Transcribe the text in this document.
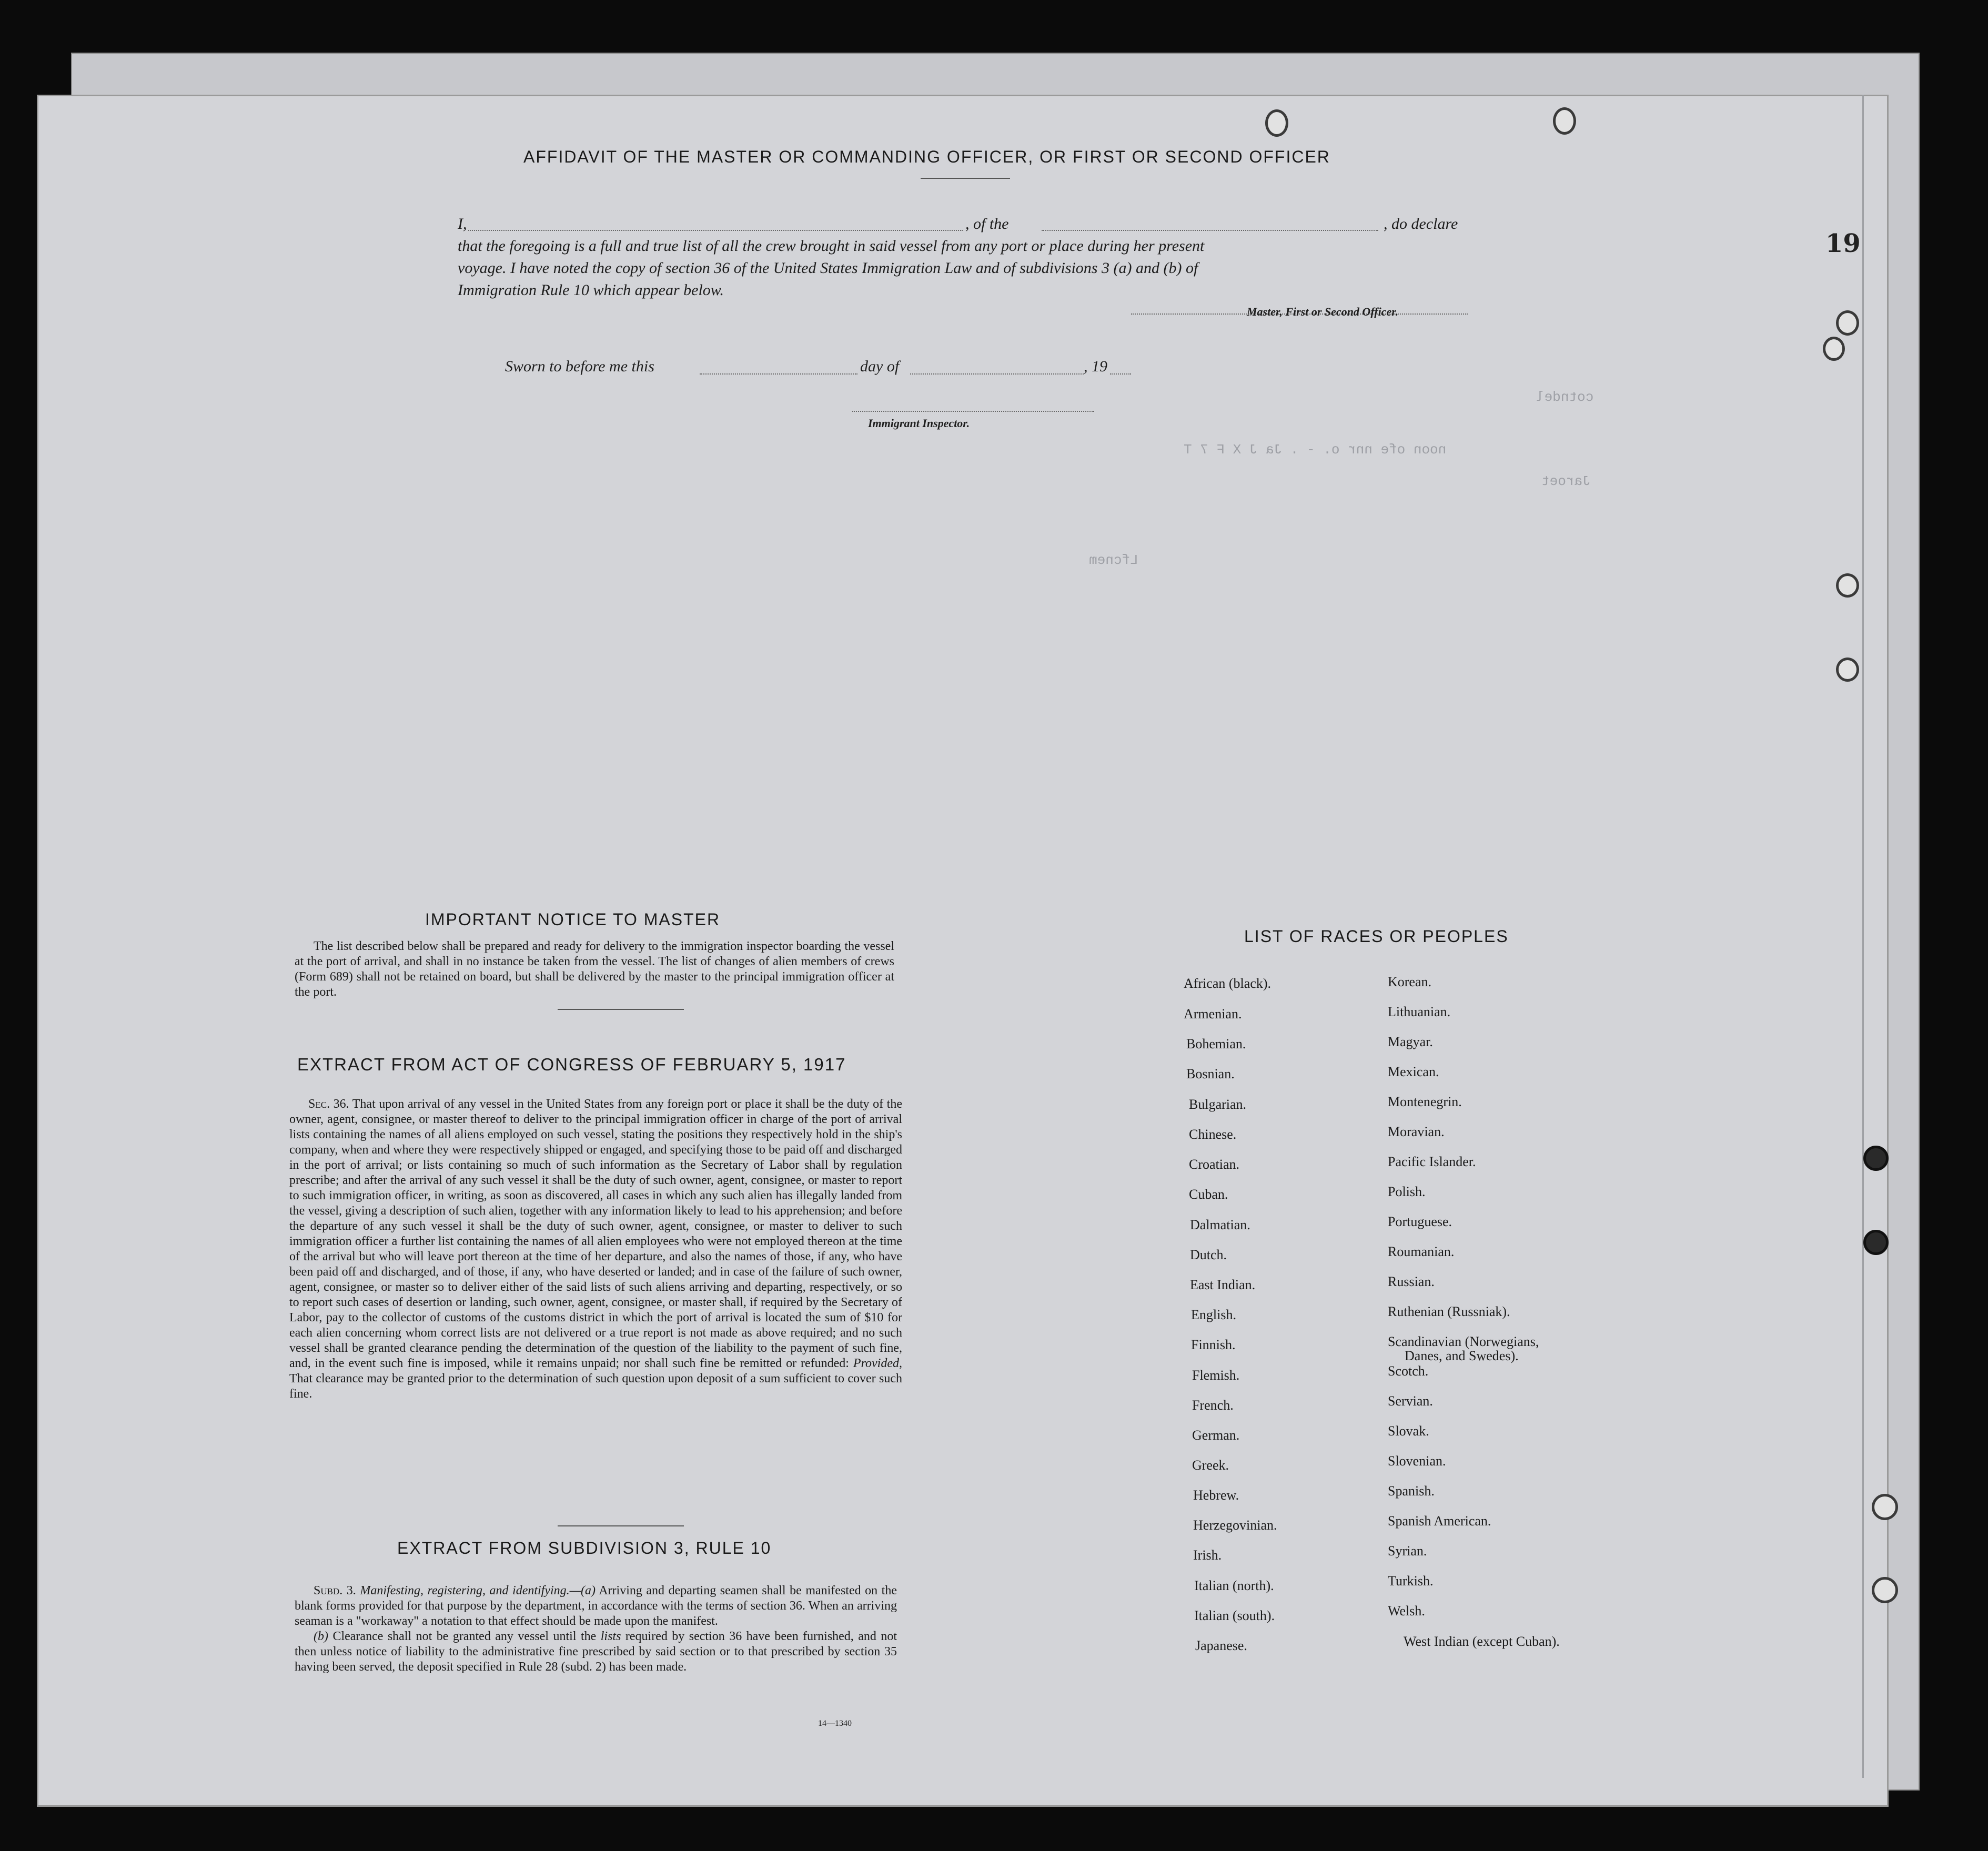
19
noon ofe nnr o. - . Ja J X F 7 T
Lfcnem
cotndel
Jaroet
AFFIDAVIT OF THE MASTER OR COMMANDING OFFICER, OR FIRST OR SECOND OFFICER
I,	, of the	, do declare
that the foregoing is a full and true list of all the crew brought in said vessel from any port or place during her present
voyage. I have noted the copy of section 36 of the United States Immigration Law and of subdivisions 3 (a) and (b) of
Immigration Rule 10 which appear below.
Master, First or Second Officer.
Sworn to before me this	day of	, 19
Immigrant Inspector.
IMPORTANT NOTICE TO MASTER
The list described below shall be prepared and ready for delivery to the immigration inspector boarding the vessel at the port of arrival, and shall in no instance be taken from the vessel. The list of changes of alien members of crews (Form 689) shall not be retained on board, but shall be delivered by the master to the principal immigration officer at the port.
EXTRACT FROM ACT OF CONGRESS OF FEBRUARY 5, 1917
Sec. 36. That upon arrival of any vessel in the United States from any foreign port or place it shall be the duty of the owner, agent, consignee, or master thereof to deliver to the principal immigration officer in charge of the port of arrival lists containing the names of all aliens employed on such vessel, stating the positions they respectively hold in the ship's company, when and where they were respectively shipped or engaged, and specifying those to be paid off and discharged in the port of arrival; or lists containing so much of such information as the Secretary of Labor shall by regulation prescribe; and after the arrival of any such vessel it shall be the duty of such owner, agent, consignee, or master to report to such immigration officer, in writing, as soon as discovered, all cases in which any such alien has illegally landed from the vessel, giving a description of such alien, together with any information likely to lead to his apprehension; and before the departure of any such vessel it shall be the duty of such owner, agent, consignee, or master to deliver to such immigration officer a further list containing the names of all alien employees who were not employed thereon at the time of the arrival but who will leave port thereon at the time of her departure, and also the names of those, if any, who have been paid off and discharged, and of those, if any, who have deserted or landed; and in case of the failure of such owner, agent, consignee, or master so to deliver either of the said lists of such aliens arriving and departing, respectively, or so to report such cases of desertion or landing, such owner, agent, consignee, or master shall, if required by the Secretary of Labor, pay to the collector of customs of the customs district in which the port of arrival is located the sum of $10 for each alien concerning whom correct lists are not delivered or a true report is not made as above required; and no such vessel shall be granted clearance pending the determination of the question of the liability to the payment of such fine, and, in the event such fine is imposed, while it remains unpaid; nor shall such fine be remitted or refunded: Provided, That clearance may be granted prior to the determination of such question upon deposit of a sum sufficient to cover such fine.
EXTRACT FROM SUBDIVISION 3, RULE 10
Subd. 3. Manifesting, registering, and identifying.—(a) Arriving and departing seamen shall be manifested on the blank forms provided for that purpose by the department, in accordance with the terms of section 36. When an arriving seaman is a "workaway" a notation to that effect should be made upon the manifest.
(b) Clearance shall not be granted any vessel until the lists required by section 36 have been furnished, and not then unless notice of liability to the administrative fine prescribed by said section or to that prescribed by section 35 having been served, the deposit specified in Rule 28 (subd. 2) has been made.
14—1340
LIST OF RACES OR PEOPLES
African (black).
Armenian.
Bohemian.
Bosnian.
Bulgarian.
Chinese.
Croatian.
Cuban.
Dalmatian.
Dutch.
East Indian.
English.
Finnish.
Flemish.
French.
German.
Greek.
Hebrew.
Herzegovinian.
Irish.
Italian (north).
Italian (south).
Japanese.
Korean.
Lithuanian.
Magyar.
Mexican.
Montenegrin.
Moravian.
Pacific Islander.
Polish.
Portuguese.
Roumanian.
Russian.
Ruthenian (Russniak).
Scandinavian (Norwegians,
Danes, and Swedes).
Scotch.
Servian.
Slovak.
Slovenian.
Spanish.
Spanish American.
Syrian.
Turkish.
Welsh.
West Indian (except Cuban).
